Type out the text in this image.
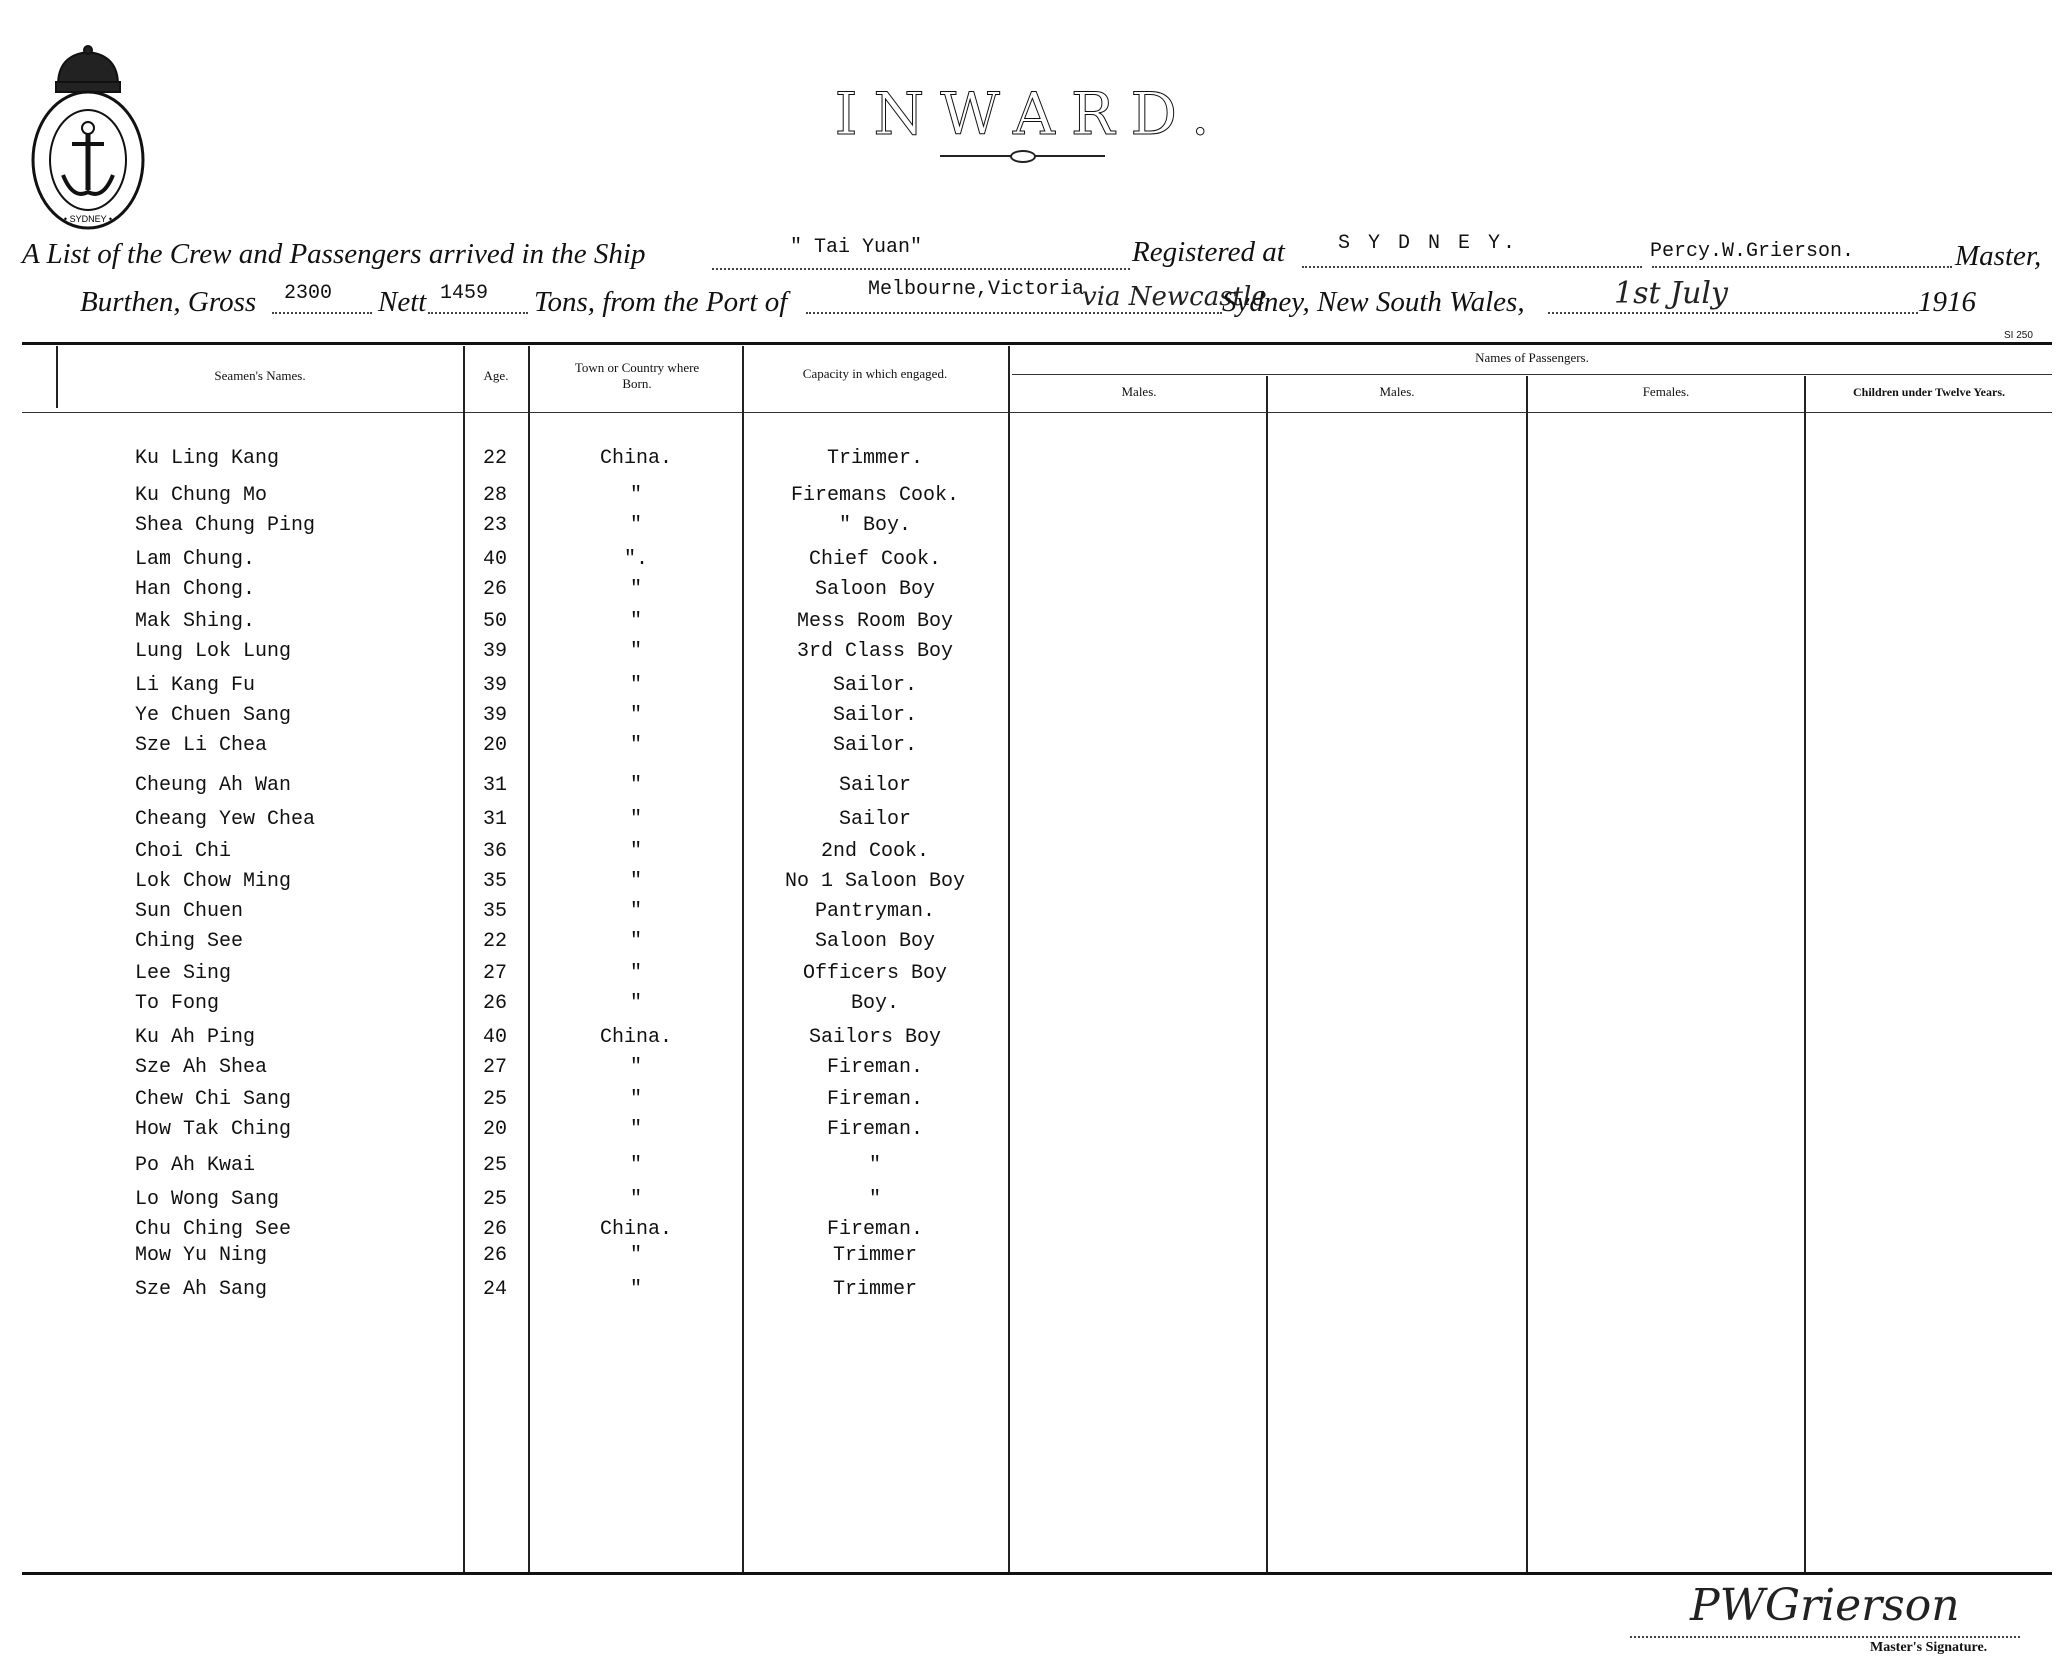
• SYDNEY •
INWARD.
A List of the Crew and Passengers arrived in the Ship	" Tai Yuan"	Registered at	S Y D N E Y.	Percy.W.Grierson.	Master,
Burthen, Gross 2300 Nett 1459 Tons, from the Port of	Melbourne,Victoria
via Newcastle
Sydney, New South Wales,	1st July	1916
SI 250
Seamen's Names.	Age.
Town or Country where Born.
Capacity in which engaged.
Names of Passengers.
Males.	Males.	Females.	Children under Twelve Years.
Ku Ling Kang	22	China.	Trimmer.
Ku Chung Mo	28	"	Firemans Cook.
Shea Chung Ping	23	"	" Boy.
Lam Chung.	40	".	Chief Cook.
Han Chong.	26	"	Saloon Boy
Mak Shing.	50	"	Mess Room Boy
Lung Lok Lung	39	"	3rd Class Boy
Li Kang Fu	39	"	Sailor.
Ye Chuen Sang	39	"	Sailor.
Sze Li Chea	20	"	Sailor.
Cheung Ah Wan	31	"	Sailor
Cheang Yew Chea	31	"	Sailor
Choi Chi	36	"	2nd Cook.
Lok Chow Ming	35	"	No 1 Saloon Boy
Sun Chuen	35	"	Pantryman.
Ching See	22	"	Saloon Boy
Lee Sing	27	"	Officers Boy
To Fong	26	"	Boy.
Ku Ah Ping	40	China.	Sailors Boy
Sze Ah Shea	27	"	Fireman.
Chew Chi Sang	25	"	Fireman.
How Tak Ching	20	"	Fireman.
Po Ah Kwai	25	"	"
Lo Wong Sang	25	"	"
Chu Ching See	26	China.	Fireman.
Mow Yu Ning	26	"	Trimmer
Sze Ah Sang	24	"	Trimmer
PWGrierson
Master's Signature.
